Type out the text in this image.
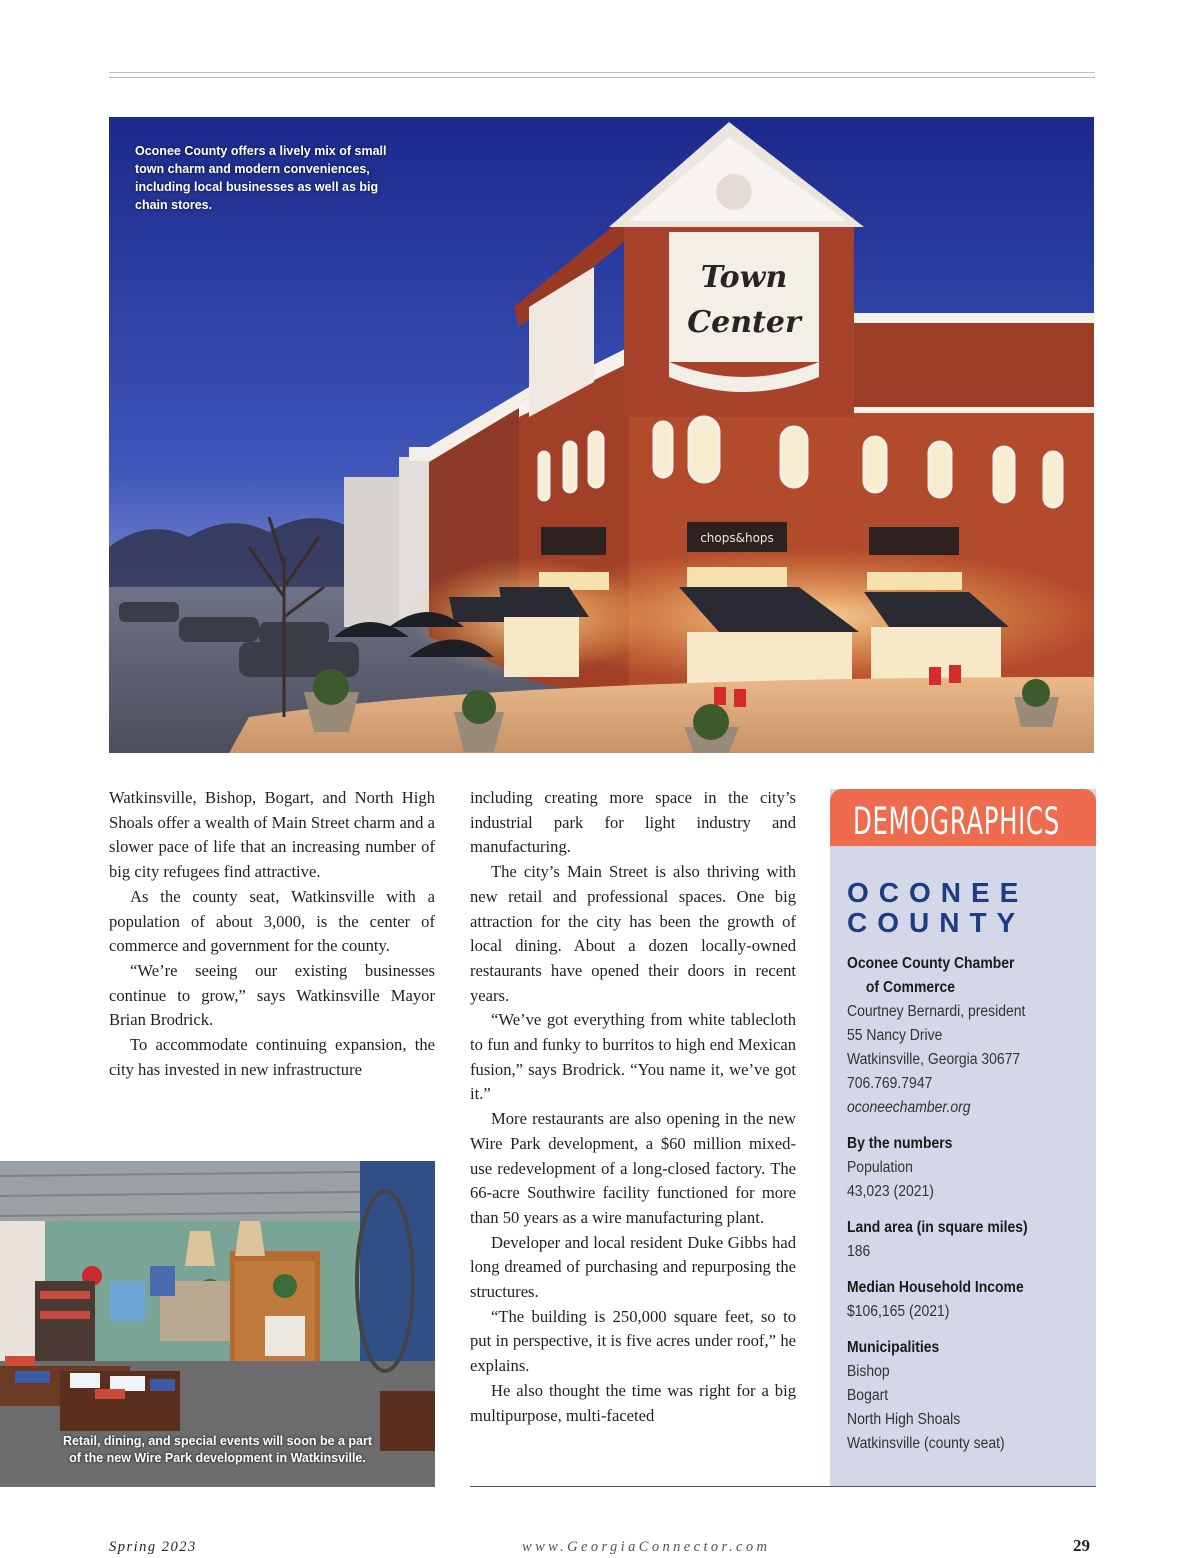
Town
Center
chops&hops
Oconee County offers a lively mix of small town charm and modern conveniences, including local businesses as well as big chain stores.

Watkinsville, Bishop, Bogart, and North High Shoals offer a wealth of Main Street charm and a slower pace of life that an increasing number of big city refugees find attractive.

As the county seat, Watkinsville with a population of about 3,000, is the center of commerce and government for the county.

“We’re seeing our existing businesses continue to grow,” says Watkinsville Mayor Brian Brodrick.

To accommodate continuing expansion, the city has invested in new infrastructure

including creating more space in the city’s industrial park for light industry and manufacturing.

The city’s Main Street is also thriving with new retail and professional spaces. One big attraction for the city has been the growth of local dining. About a dozen locally-owned restaurants have opened their doors in recent years.

“We’ve got everything from white tablecloth to fun and funky to burritos to high end Mexican fusion,” says Brodrick. “You name it, we’ve got it.”

More restaurants are also opening in the new Wire Park development, a $60 million mixed-use redevelopment of a long-closed factory. The 66-acre Southwire facility functioned for more than 50 years as a wire manufacturing plant.

Developer and local resident Duke Gibbs had long dreamed of purchasing and repurposing the structures.

“The building is 250,000 square feet, so to put in perspective, it is five acres under roof,” he explains.

He also thought the time was right for a big multipurpose, multi-faceted

Retail, dining, and special events will soon be a part
of the new Wire Park development in Watkinsville.
DEMOGRAPHICS
OCONEE COUNTY
Oconee County Chamber
of Commerce
Courtney Bernardi, president
55 Nancy Drive
Watkinsville, Georgia 30677
706.769.7947
oconeechamber.org
By the numbers
Population
43,023 (2021)
Land area (in square miles)
186
Median Household Income
$106,165 (2021)
Municipalities
Bishop
Bogart
North High Shoals
Watkinsville (county seat)
Spring 2023	www.GeorgiaConnector.com	29
